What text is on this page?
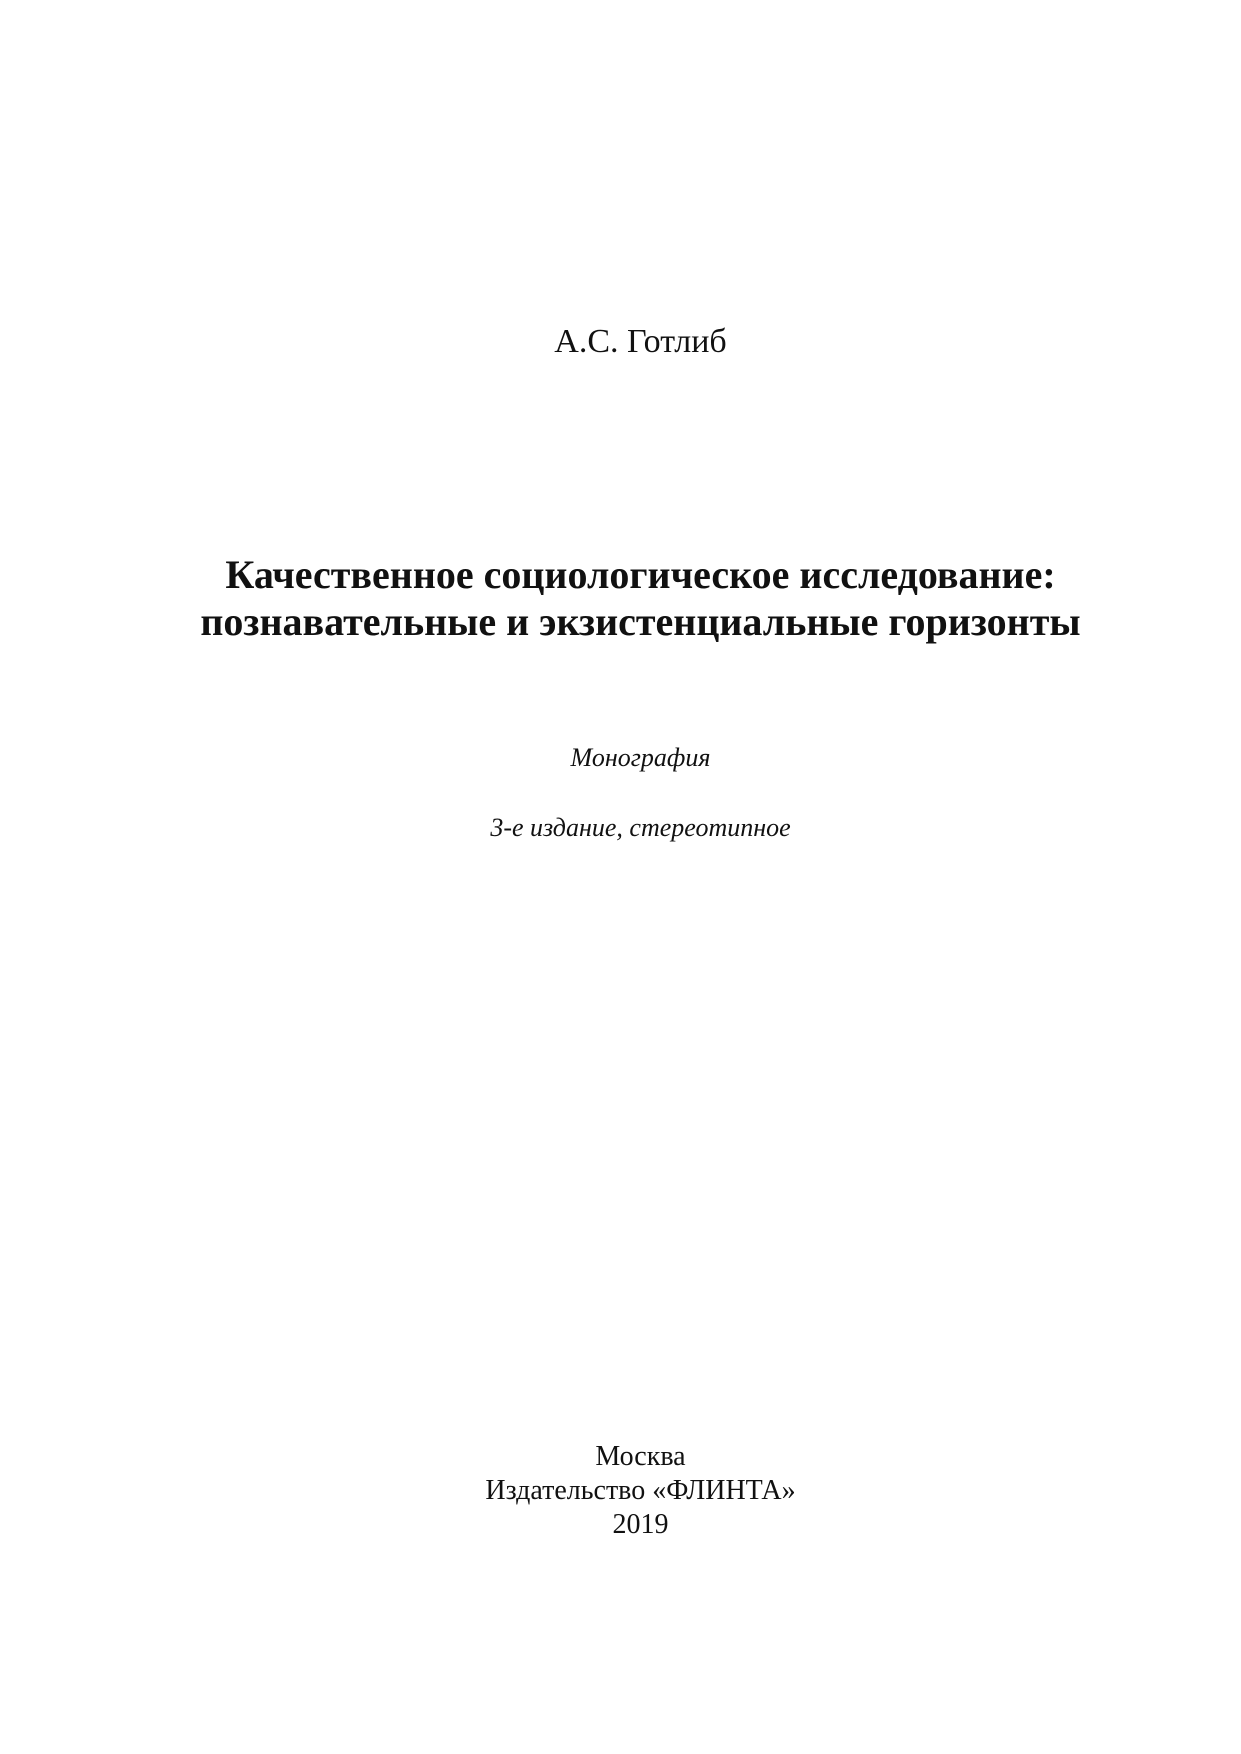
А.С. Готлиб
Качественное социологическое исследование:
познавательные и экзистенциальные горизонты
Монография
3-е издание, стереотипное
Москва
Издательство «ФЛИНТА»
2019
